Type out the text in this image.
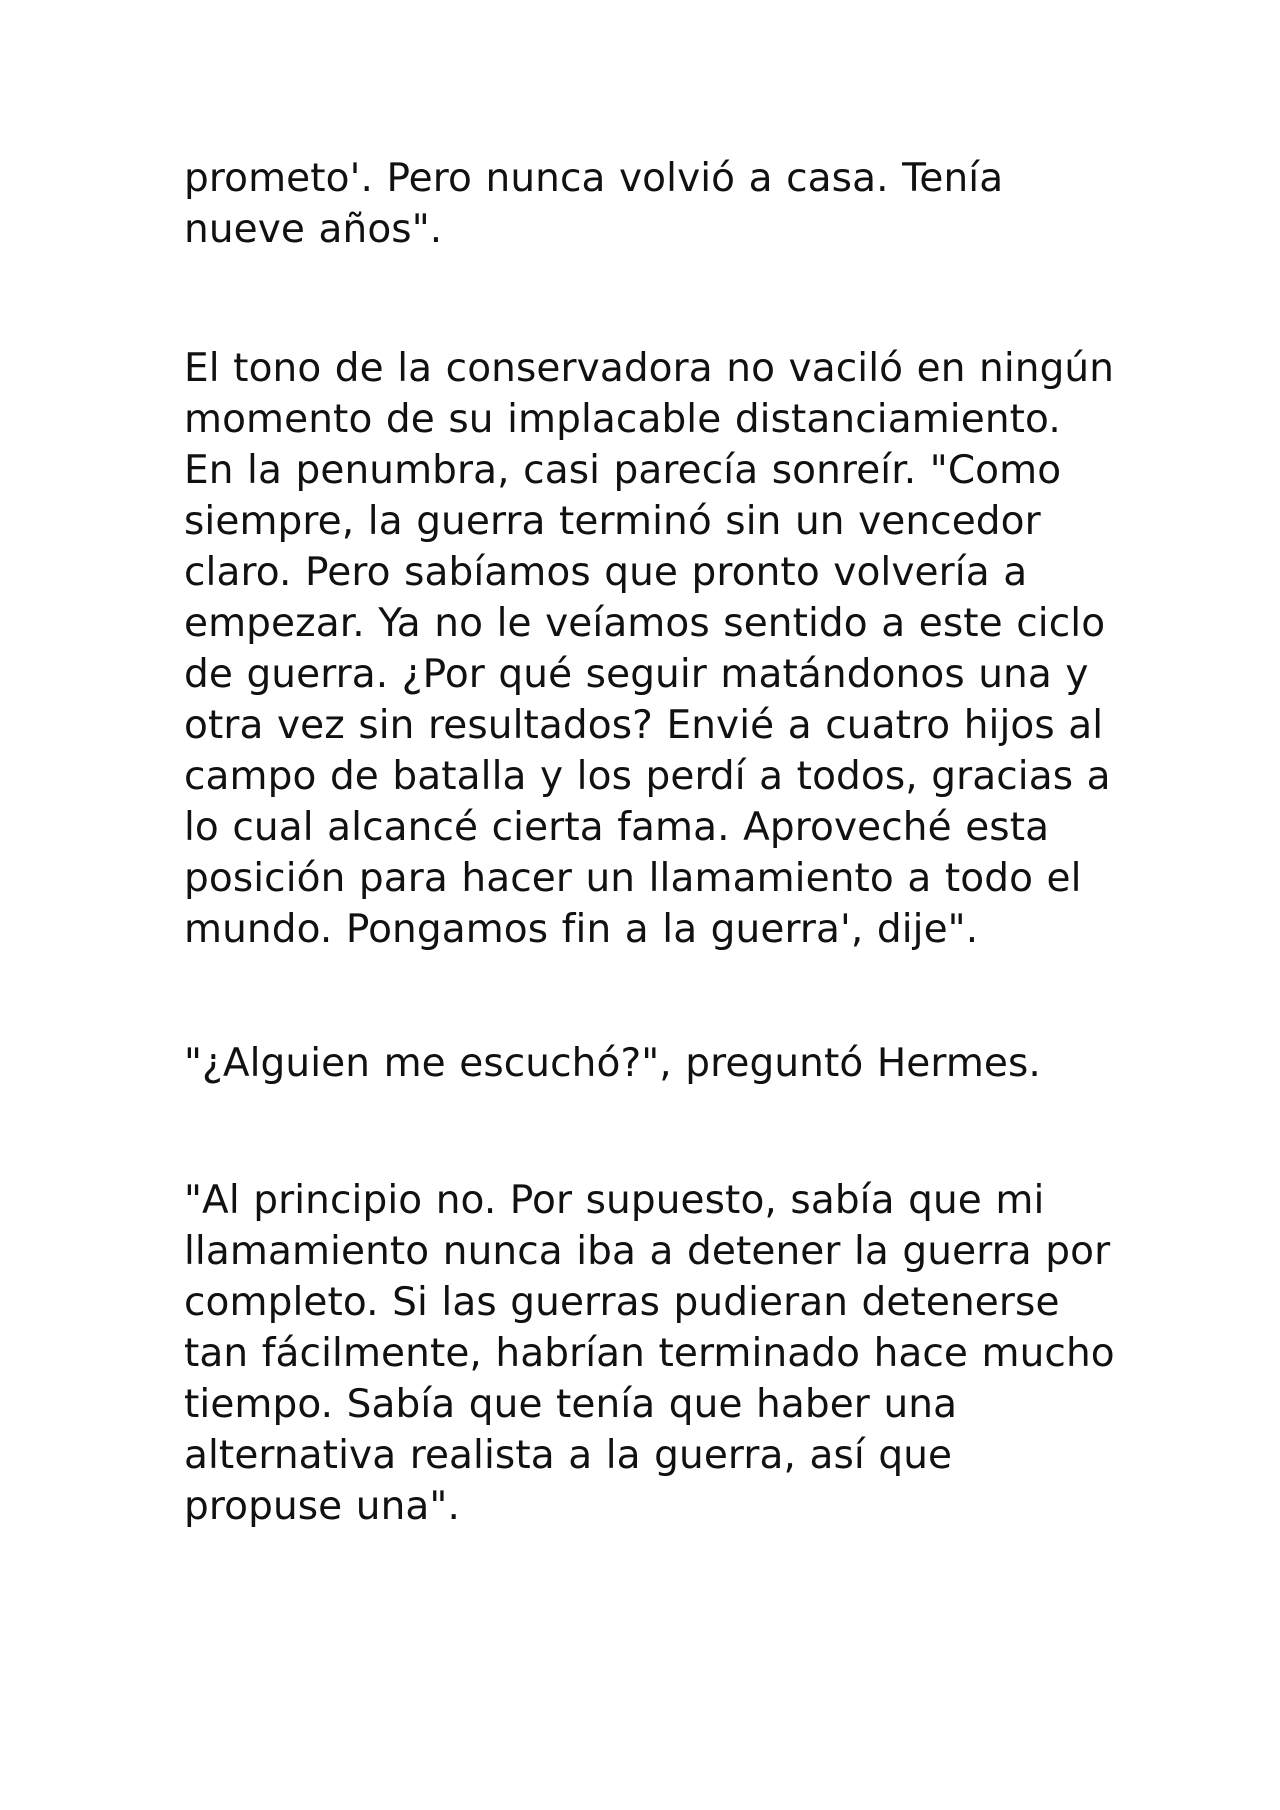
prometo'. Pero nunca volvió a casa. Tenía
nueve años".

El tono de la conservadora no vaciló en ningún
momento de su implacable distanciamiento.
En la penumbra, casi parecía sonreír. "Como
siempre, la guerra terminó sin un vencedor
claro. Pero sabíamos que pronto volvería a
empezar. Ya no le veíamos sentido a este ciclo
de guerra. ¿Por qué seguir matándonos una y
otra vez sin resultados? Envié a cuatro hijos al
campo de batalla y los perdí a todos, gracias a
lo cual alcancé cierta fama. Aproveché esta
posición para hacer un llamamiento a todo el
mundo. Pongamos fin a la guerra', dije".

"¿Alguien me escuchó?", preguntó Hermes.

"Al principio no. Por supuesto, sabía que mi
llamamiento nunca iba a detener la guerra por
completo. Si las guerras pudieran detenerse
tan fácilmente, habrían terminado hace mucho
tiempo. Sabía que tenía que haber una
alternativa realista a la guerra, así que
propuse una".
